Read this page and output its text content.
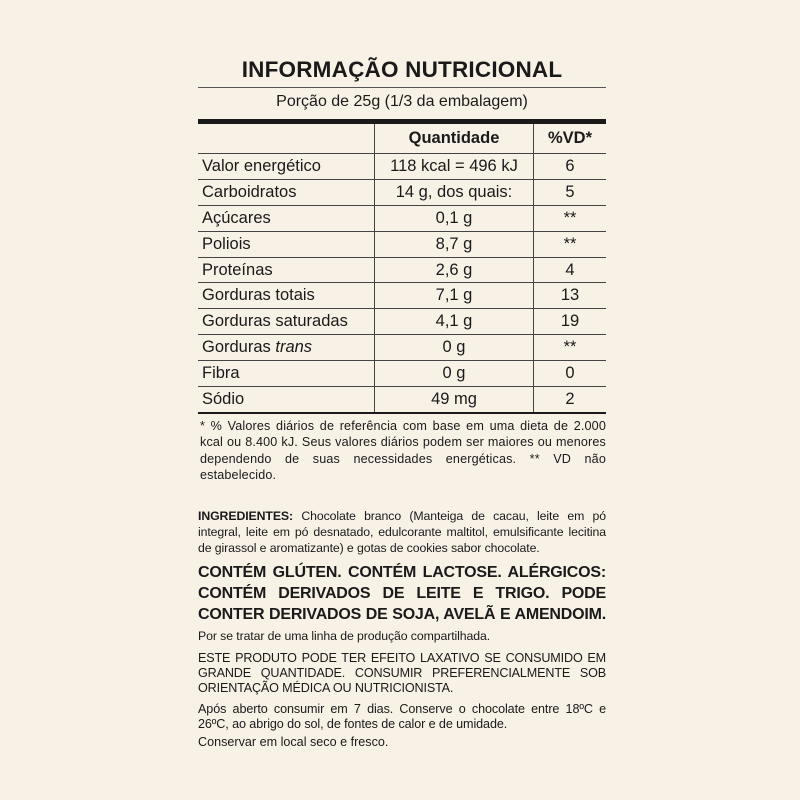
INFORMAÇÃO NUTRICIONAL
Porção de 25g (1/3 da embalagem)
	Quantidade	%VD*
Valor energético	118 kcal = 496 kJ	6
Carboidratos	14 g, dos quais:	5
Açúcares	0,1 g	**
Poliois	8,7 g	**
Proteínas	2,6 g	4
Gorduras totais	7,1 g	13
Gorduras saturadas	4,1 g	19
Gorduras trans	0 g	**
Fibra	0 g	0
Sódio	49 mg	2
* % Valores diários de referência com base em uma dieta de 2.000 kcal ou 8.400 kJ. Seus valores diários podem ser maiores ou menores dependendo de suas necessidades energéticas. ** VD não estabelecido.
INGREDIENTES: Chocolate branco (Manteiga de cacau, leite em pó integral, leite em pó desnatado, edulcorante maltitol, emulsificante lecitina de girassol e aromatizante) e gotas de cookies sabor chocolate.
CONTÉM GLÚTEN. CONTÉM LACTOSE. ALÉRGICOS: CONTÉM DERIVADOS DE LEITE E TRIGO. PODE CONTER DERIVADOS DE SOJA, AVELÃ E AMENDOIM. Por se tratar de uma linha de produção compartilhada.
ESTE PRODUTO PODE TER EFEITO LAXATIVO SE CONSUMIDO EM GRANDE QUANTIDADE. CONSUMIR PREFERENCIALMENTE SOB ORIENTAÇÃO MÉDICA OU NUTRICIONISTA.
Após aberto consumir em 7 dias. Conserve o chocolate entre 18ºC e 26ºC, ao abrigo do sol, de fontes de calor e de umidade.
Conservar em local seco e fresco.
